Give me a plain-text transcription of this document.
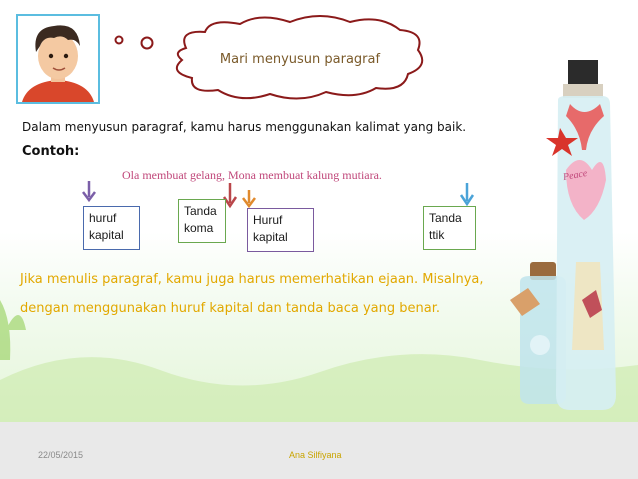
Mari menyusun paragraf
Dalam menyusun paragraf, kamu harus menggunakan kalimat yang baik.
Contoh:
Ola membuat gelang, Mona membuat kalung mutiara.
huruf
kapital
Tanda
koma
Huruf
kapital
Tanda
ttik
Jika menulis paragraf, kamu juga harus memerhatikan ejaan. Misalnya, dengan menggunakan huruf kapital dan tanda baca yang benar.
Peace
22/05/2015	Ana Silfiyana
